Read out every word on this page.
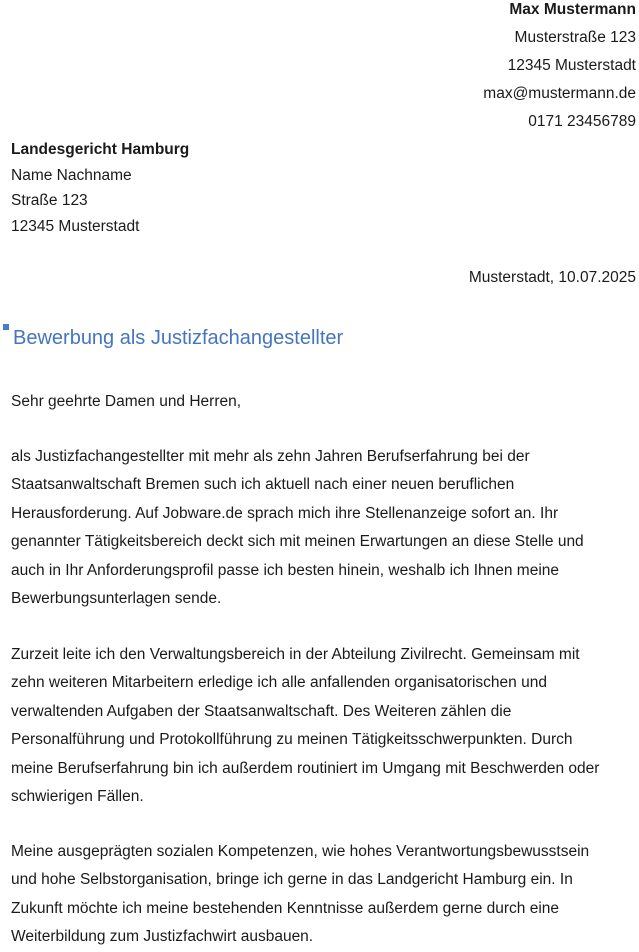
Max Mustermann
Musterstraße 123
12345 Musterstadt
max@mustermann.de
0171 23456789
Landesgericht Hamburg
Name Nachname
Straße 123
12345 Musterstadt
Musterstadt, 10.07.2025
Bewerbung als Justizfachangestellter
Sehr geehrte Damen und Herren,
als Justizfachangestellter mit mehr als zehn Jahren Berufserfahrung bei der
Staatsanwaltschaft Bremen such ich aktuell nach einer neuen beruflichen
Herausforderung. Auf Jobware.de sprach mich ihre Stellenanzeige sofort an. Ihr
genannter Tätigkeitsbereich deckt sich mit meinen Erwartungen an diese Stelle und
auch in Ihr Anforderungsprofil passe ich besten hinein, weshalb ich Ihnen meine
Bewerbungsunterlagen sende.
Zurzeit leite ich den Verwaltungsbereich in der Abteilung Zivilrecht. Gemeinsam mit
zehn weiteren Mitarbeitern erledige ich alle anfallenden organisatorischen und
verwaltenden Aufgaben der Staatsanwaltschaft. Des Weiteren zählen die
Personalführung und Protokollführung zu meinen Tätigkeitsschwerpunkten. Durch
meine Berufserfahrung bin ich außerdem routiniert im Umgang mit Beschwerden oder
schwierigen Fällen.
Meine ausgeprägten sozialen Kompetenzen, wie hohes Verantwortungsbewusstsein
und hohe Selbstorganisation, bringe ich gerne in das Landgericht Hamburg ein. In
Zukunft möchte ich meine bestehenden Kenntnisse außerdem gerne durch eine
Weiterbildung zum Justizfachwirt ausbauen.
